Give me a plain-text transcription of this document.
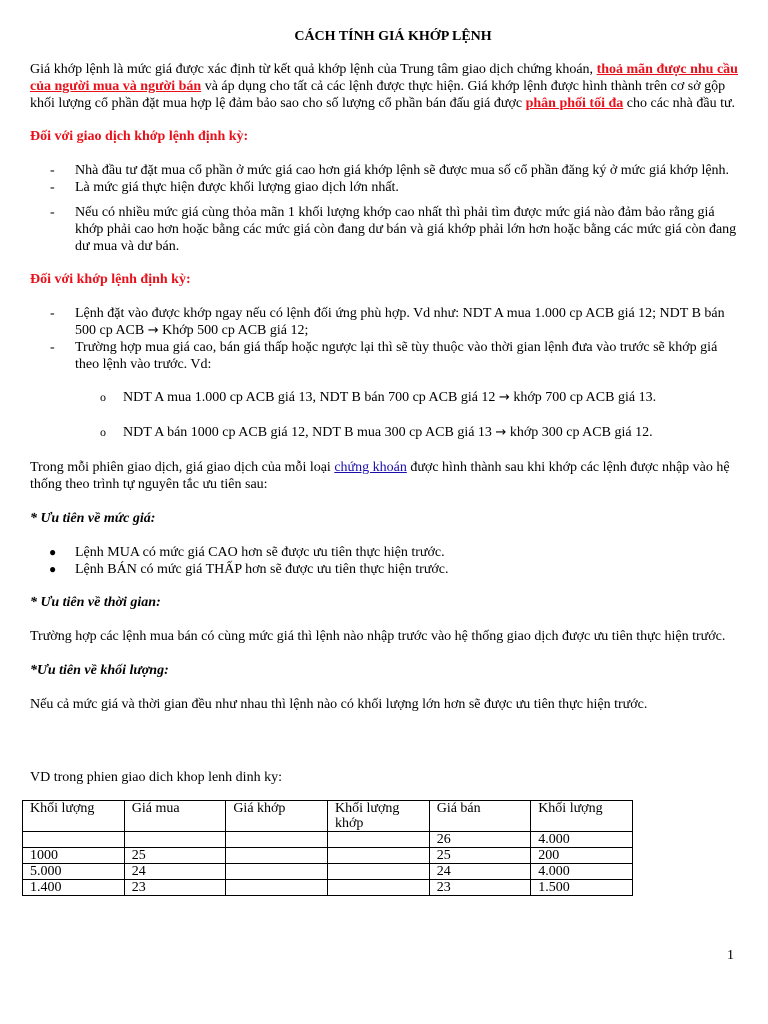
CÁCH TÍNH GIÁ KHỚP LỆNH

Giá khớp lệnh là mức giá được xác định từ kết quả khớp lệnh của Trung tâm giao dịch chứng khoán, thoả mãn được nhu cầu của người mua và người bán và áp dụng cho tất cả các lệnh được thực hiện. Giá khớp lệnh được hình thành trên cơ sở gộp khối lượng cổ phần đặt mua hợp lệ đảm bảo sao cho số lượng cổ phần bán đấu giá được phân phối tối đa cho các nhà đầu tư.

Đối với giao dịch khớp lệnh định kỳ:

- Nhà đầu tư đặt mua cổ phần ở mức giá cao hơn giá khớp lệnh sẽ được mua số cổ phần đăng ký ở mức giá khớp lệnh.
- Là mức giá thực hiện được khối lượng giao dịch lớn nhất.
- Nếu có nhiều mức giá cùng thỏa mãn 1 khối lượng khớp cao nhất thì phải tìm được mức giá nào đảm bảo rằng giá khớp phải cao hơn hoặc bằng các mức giá còn đang dư bán và giá khớp phải lớn hơn hoặc bằng các mức giá còn đang dư mua và dư bán.

Đối với khớp lệnh định kỳ:

- Lệnh đặt vào được khớp ngay nếu có lệnh đối ứng phù hợp. Vd như: NDT A mua 1.000 cp ACB giá 12; NDT B bán 500 cp ACB → Khớp 500 cp ACB giá 12;
- Trường hợp mua giá cao, bán giá thấp hoặc ngược lại thì sẽ tùy thuộc vào thời gian lệnh đưa vào trước sẽ khớp giá theo lệnh vào trước. Vd:
o NDT A mua 1.000 cp ACB giá 13, NDT B bán 700 cp ACB giá 12 → khớp 700 cp ACB giá 13.
o NDT A bán 1000 cp ACB giá 12, NDT B mua 300 cp ACB giá 13 → khớp 300 cp ACB giá 12.

Trong mỗi phiên giao dịch, giá giao dịch của mỗi loại chứng khoán được hình thành sau khi khớp các lệnh được nhập vào hệ thống theo trình tự nguyên tắc ưu tiên sau:

* Ưu tiên về mức giá:

● Lệnh MUA có mức giá CAO hơn sẽ được ưu tiên thực hiện trước.
● Lệnh BÁN có mức giá THẤP hơn sẽ được ưu tiên thực hiện trước.

* Ưu tiên về thời gian:

Trường hợp các lệnh mua bán có cùng mức giá thì lệnh nào nhập trước vào hệ thống giao dịch được ưu tiên thực hiện trước.

*Ưu tiên về khối lượng:

Nếu cả mức giá và thời gian đều như nhau thì lệnh nào có khối lượng lớn hơn sẽ được ưu tiên thực hiện trước.

VD trong phien giao dich khop lenh dinh ky:

Khối lượng	Giá mua	Giá khớp	Khối lượng khớp	Giá bán	Khối lượng
				26	4.000
1000	25			25	200
5.000	24			24	4.000
1.400	23			23	1.500
1
